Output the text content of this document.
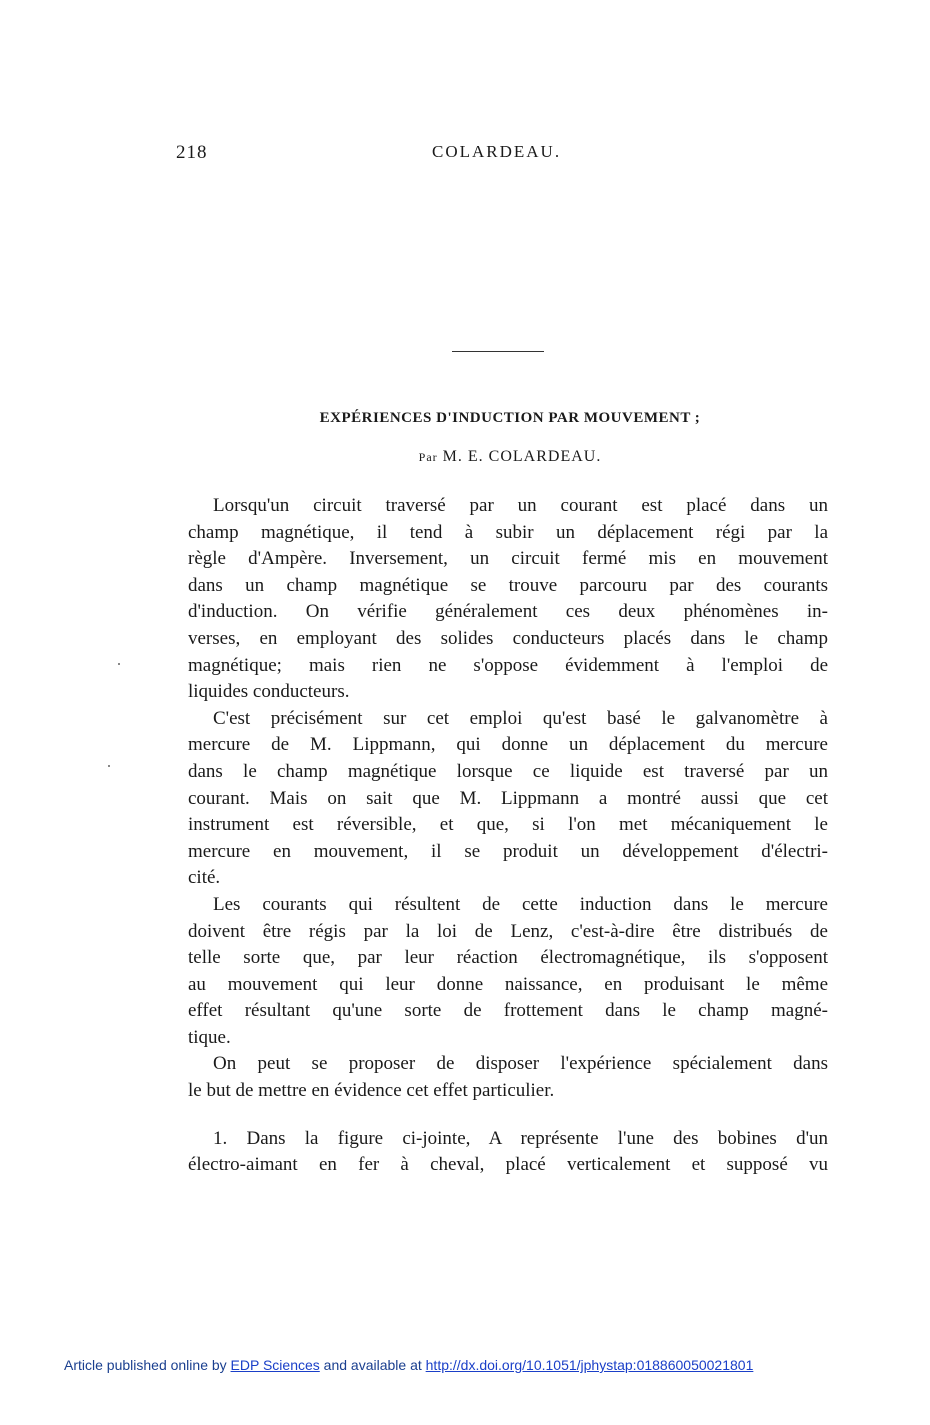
218	COLARDEAU.
EXPÉRIENCES D'INDUCTION PAR MOUVEMENT ;
Par M. E. COLARDEAU.
Lorsqu'un circuit traversé par un courant est placé dans un
champ magnétique, il tend à subir un déplacement régi par la
règle d'Ampère. Inversement, un circuit fermé mis en mouvement
dans un champ magnétique se trouve parcouru par des courants
d'induction. On vérifie généralement ces deux phénomènes in-
verses, en employant des solides conducteurs placés dans le champ
magnétique; mais rien ne s'oppose évidemment à l'emploi de
liquides conducteurs.
C'est précisément sur cet emploi qu'est basé le galvanomètre à
mercure de M. Lippmann, qui donne un déplacement du mercure
dans le champ magnétique lorsque ce liquide est traversé par un
courant. Mais on sait que M. Lippmann a montré aussi que cet
instrument est réversible, et que, si l'on met mécaniquement le
mercure en mouvement, il se produit un développement d'électri-
cité.
Les courants qui résultent de cette induction dans le mercure
doivent être régis par la loi de Lenz, c'est-à-dire être distribués de
telle sorte que, par leur réaction électromagnétique, ils s'opposent
au mouvement qui leur donne naissance, en produisant le même
effet résultant qu'une sorte de frottement dans le champ magné-
tique.
On peut se proposer de disposer l'expérience spécialement dans
le but de mettre en évidence cet effet particulier.
1. Dans la figure ci-jointe, A représente l'une des bobines d'un
électro-aimant en fer à cheval, placé verticalement et supposé vu
Article published online by EDP Sciences and available at http://dx.doi.org/10.1051/jphystap:018860050021801
